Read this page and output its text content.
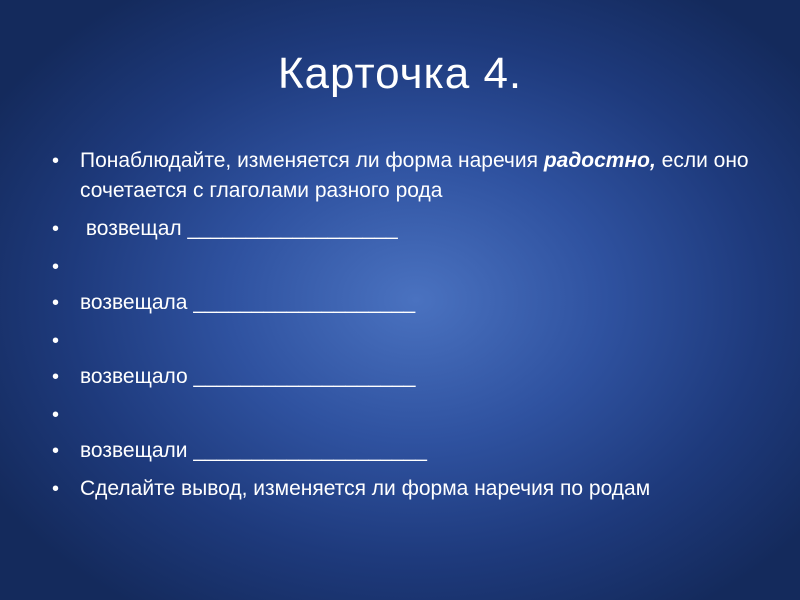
Карточка 4.
• Понаблюдайте, изменяется ли форма наречия радостно, если оно сочетается с глаголами разного рода
•  возвещал __________________
•
• возвещала ___________________
•
• возвещало ___________________
•
• возвещали ____________________
• Сделайте вывод, изменяется ли форма наречия по родам
